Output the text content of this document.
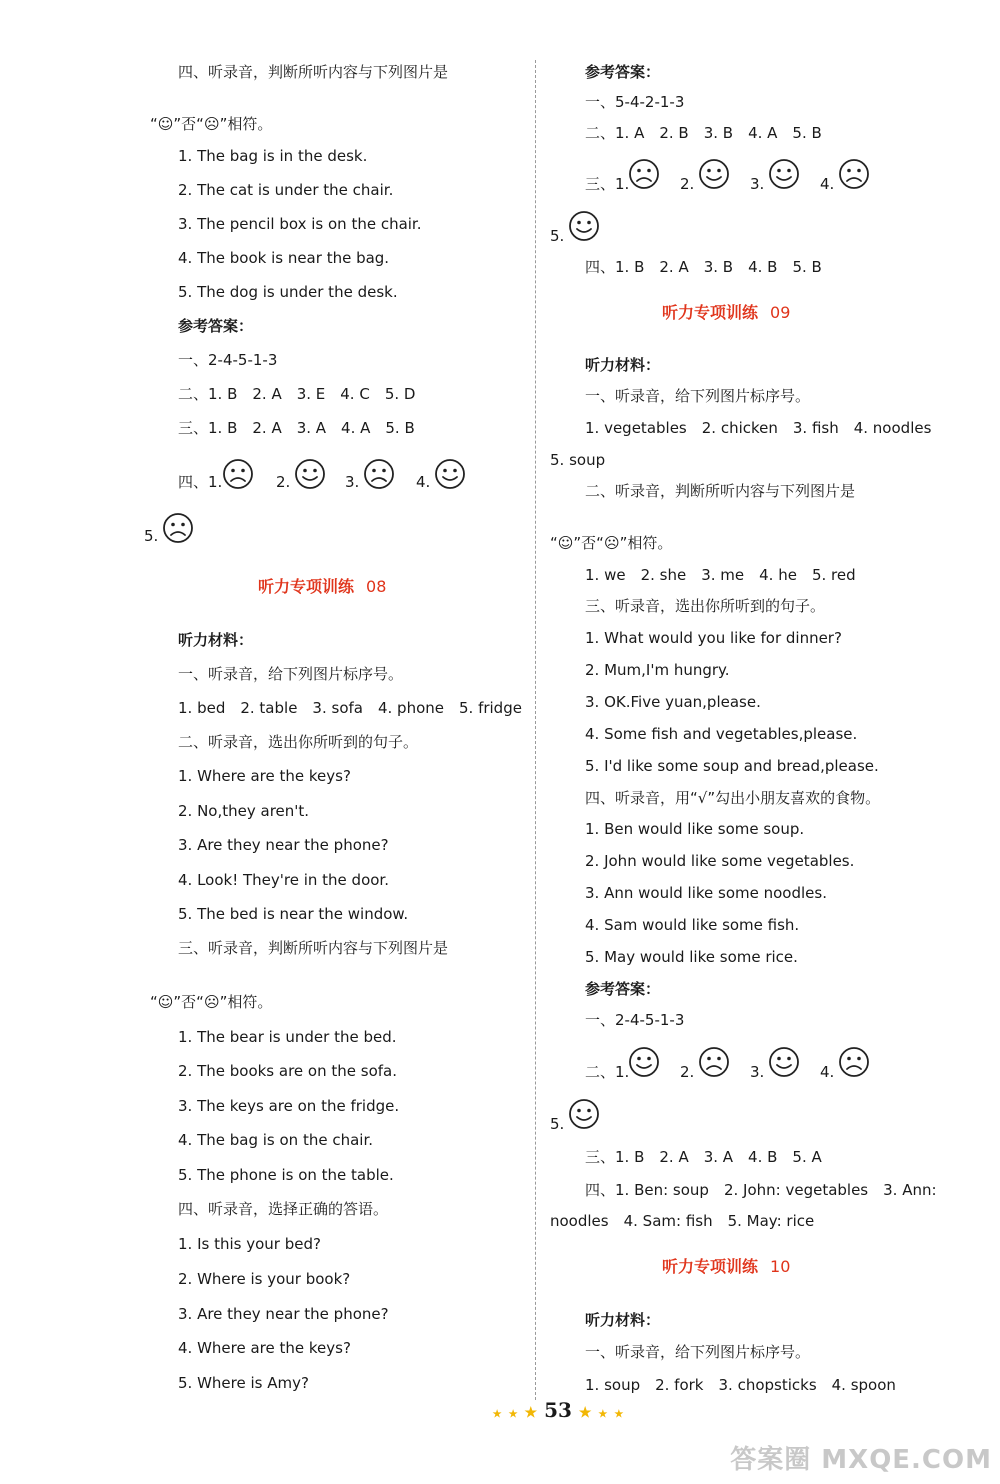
四、听录音，判断所听内容与下列图片是
“☺”否“☹”相符。
1. The bag is in the desk.
2. The cat is under the chair.
3. The pencil box is on the chair.
4. The book is near the bag.
5. The dog is under the desk.
参考答案：
一、2-4-5-1-3
二、1. B　2. A　3. E　4. C　5. D
三、1. B　2. A　3. A　4. A　5. B
四、1.	2.	3.	4.
5.
听力专项训练 08
听力材料：
一、听录音，给下列图片标序号。
1. bed　2. table　3. sofa　4. phone　5. fridge
二、听录音，选出你所听到的句子。
1. Where are the keys?
2. No,they aren't.
3. Are they near the phone?
4. Look! They're in the door.
5. The bed is near the window.
三、听录音，判断所听内容与下列图片是
“☺”否“☹”相符。
1. The bear is under the bed.
2. The books are on the sofa.
3. The keys are on the fridge.
4. The bag is on the chair.
5. The phone is on the table.
四、听录音，选择正确的答语。
1. Is this your bed?
2. Where is your book?
3. Are they near the phone?
4. Where are the keys?
5. Where is Amy?
参考答案：
一、5-4-2-1-3
二、1. A　2. B　3. B　4. A　5. B
三、1.	2.	3.	4.
5.
四、1. B　2. A　3. B　4. B　5. B
听力专项训练 09
听力材料：
一、听录音，给下列图片标序号。
1. vegetables　2. chicken　3. fish　4. noodles
5. soup
二、听录音，判断所听内容与下列图片是
“☺”否“☹”相符。
1. we　2. she　3. me　4. he　5. red
三、听录音，选出你所听到的句子。
1. What would you like for dinner?
2. Mum,I'm hungry.
3. OK.Five yuan,please.
4. Some fish and vegetables,please.
5. I'd like some soup and bread,please.
四、听录音，用“√”勾出小朋友喜欢的食物。
1. Ben would like some soup.
2. John would like some vegetables.
3. Ann would like some noodles.
4. Sam would like some fish.
5. May would like some rice.
参考答案：
一、2-4-5-1-3
二、1.	2.	3.	4.
5.
三、1. B　2. A　3. A　4. B　5. A
四、1. Ben: soup　2. John: vegetables　3. Ann:
noodles　4. Sam: fish　5. May: rice
听力专项训练 10
听力材料：
一、听录音，给下列图片标序号。
1. soup　2. fork　3. chopsticks　4. spoon
★ ★ ★ 53 ★ ★ ★
答案圈 MXQE.COM
